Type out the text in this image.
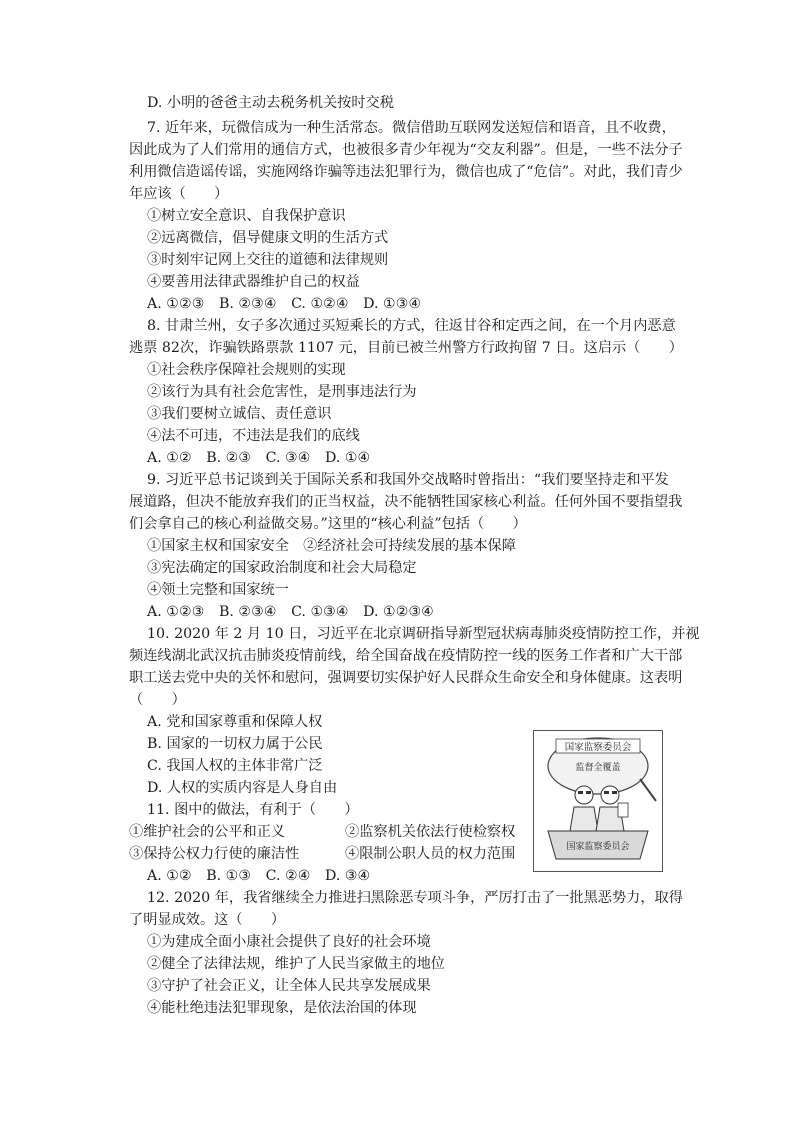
D. 小明的爸爸主动去税务机关按时交税
7. 近年来，玩微信成为一种生活常态。微信借助互联网发送短信和语音，且不收费，
因此成为了人们常用的通信方式，也被很多青少年视为“交友利器”。但是，一些不法分子
利用微信造谣传谣，实施网络诈骗等违法犯罪行为，微信也成了“危信”。对此，我们青少
年应该（　　）
①树立安全意识、自我保护意识
②远离微信，倡导健康文明的生活方式
③时刻牢记网上交往的道德和法律规则
④要善用法律武器维护自己的权益
A. ①②③ B. ②③④ C. ①②④ D. ①③④
8. 甘肃兰州，女子多次通过买短乘长的方式，往返甘谷和定西之间，在一个月内恶意
逃票 82次，诈骗铁路票款 1107 元，目前已被兰州警方行政拘留 7 日。这启示（　　）
①社会秩序保障社会规则的实现
②该行为具有社会危害性，是刑事违法行为
③我们要树立诚信、责任意识
④法不可违，不违法是我们的底线
A. ①② B. ②③ C. ③④ D. ①④
9. 习近平总书记谈到关于国际关系和我国外交战略时曾指出：“我们要坚持走和平发
展道路，但决不能放弃我们的正当权益，决不能牺牲国家核心利益。任何外国不要指望我
们会拿自己的核心利益做交易。”这里的“核心利益”包括（　　）
①国家主权和国家安全　②经济社会可持续发展的基本保障
③宪法确定的国家政治制度和社会大局稳定
④领土完整和国家统一
A. ①②③ B. ②③④ C. ①③④ D. ①②③④
10. 2020 年 2 月 10 日，习近平在北京调研指导新型冠状病毒肺炎疫情防控工作，并视
频连线湖北武汉抗击肺炎疫情前线，给全国奋战在疫情防控一线的医务工作者和广大干部
职工送去党中央的关怀和慰问，强调要切实保护好人民群众生命安全和身体健康。这表明
（　　）
A. 党和国家尊重和保障人权
B. 国家的一切权力属于公民
C. 我国人权的主体非常广泛
D. 人权的实质内容是人身自由
11. 图中的做法，有利于（　　）
①维护社会的公平和正义	②监察机关依法行使检察权
③保持公权力行使的廉洁性	④限制公职人员的权力范围
A. ①② B. ①③ C. ②④ D. ③④
国家监察委员会
监督全覆盖
国家监察委员会
12. 2020 年，我省继续全力推进扫黑除恶专项斗争，严厉打击了一批黑恶势力，取得
了明显成效。这（　　）
①为建成全面小康社会提供了良好的社会环境
②健全了法律法规，维护了人民当家做主的地位
③守护了社会正义，让全体人民共享发展成果
④能杜绝违法犯罪现象，是依法治国的体现
